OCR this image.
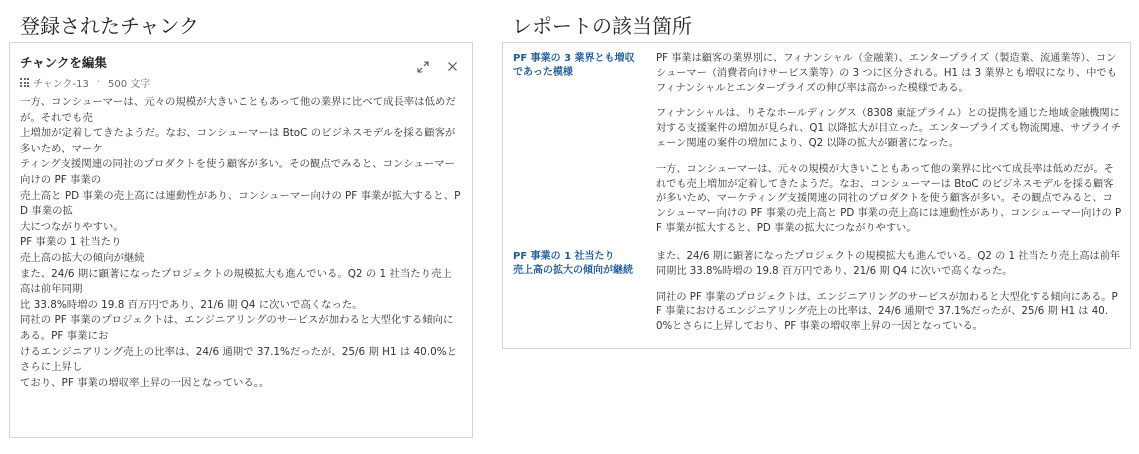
登録されたチャンク	レポートの該当箇所
チャンクを編集
チャンク-13 · 500 文字
一方、コンシューマーは、元々の規模が大きいこともあって他の業界に比べて成長率は低めだが。それでも売
上増加が定着してきたようだ。なお、コンシューマーは BtoC のビジネスモデルを採る顧客が多いため、マーケ
ティング支援関連の同社のプロダクトを使う顧客が多い。その観点でみると、コンシューマー向けの PF 事業の
売上高と PD 事業の売上高には連動性があり、コンシューマー向けの PF 事業が拡大すると、PD 事業の拡
大につながりやすい。
PF 事業の 1 社当たり
売上高の拡大の傾向が継続
また、24/6 期に顕著になったプロジェクトの規模拡大も進んでいる。Q2 の 1 社当たり売上高は前年同期
比 33.8%時増の 19.8 百万円であり、21/6 期 Q4 に次いで高くなった。
同社の PF 事業のプロジェクトは、エンジニアリングのサービスが加わると大型化する傾向にある。PF 事業にお
けるエンジニアリング売上の比率は、24/6 通期で 37.1%だったが、25/6 期 H1 は 40.0%とさらに上昇し
ており、PF 事業の増収率上昇の一因となっている。。
PF 事業の 3 業界とも増収
であった模様

PF 事業は顧客の業界別に、フィナンシャル（金融業）、エンタープライズ（製造業、流通業等）、コンシューマー（消費者向けサービス業等）の 3 つに区分される。H1 は 3 業界とも増収になり、中でもフィナンシャルとエンタープライズの伸び率は高かった模様である。

フィナンシャルは、りそなホールディングス（8308 東証プライム）との提携を通じた地域金融機関に対する支援案件の増加が見られ、Q1 以降拡大が目立った。エンタープライズも物流関連、サプライチェーン関連の案件の増加により、Q2 以降の拡大が顕著になった。

一方、コンシューマーは、元々の規模が大きいこともあって他の業界に比べて成長率は低めだが。それでも売上増加が定着してきたようだ。なお、コンシューマーは BtoC のビジネスモデルを採る顧客が多いため、マーケティング支援関連の同社のプロダクトを使う顧客が多い。その観点でみると、コンシューマー向けの PF 事業の売上高と PD 事業の売上高には連動性があり、コンシューマー向けの PF 事業が拡大すると、PD 事業の拡大につながりやすい。

PF 事業の 1 社当たり
売上高の拡大の傾向が継続

また、24/6 期に顕著になったプロジェクトの規模拡大も進んでいる。Q2 の 1 社当たり売上高は前年同期比 33.8%時増の 19.8 百万円であり、21/6 期 Q4 に次いで高くなった。

同社の PF 事業のプロジェクトは、エンジニアリングのサービスが加わると大型化する傾向にある。PF 事業におけるエンジニアリング売上の比率は、24/6 通期で 37.1%だったが、25/6 期 H1 は 40.0%とさらに上昇しており、PF 事業の増収率上昇の一因となっている。
